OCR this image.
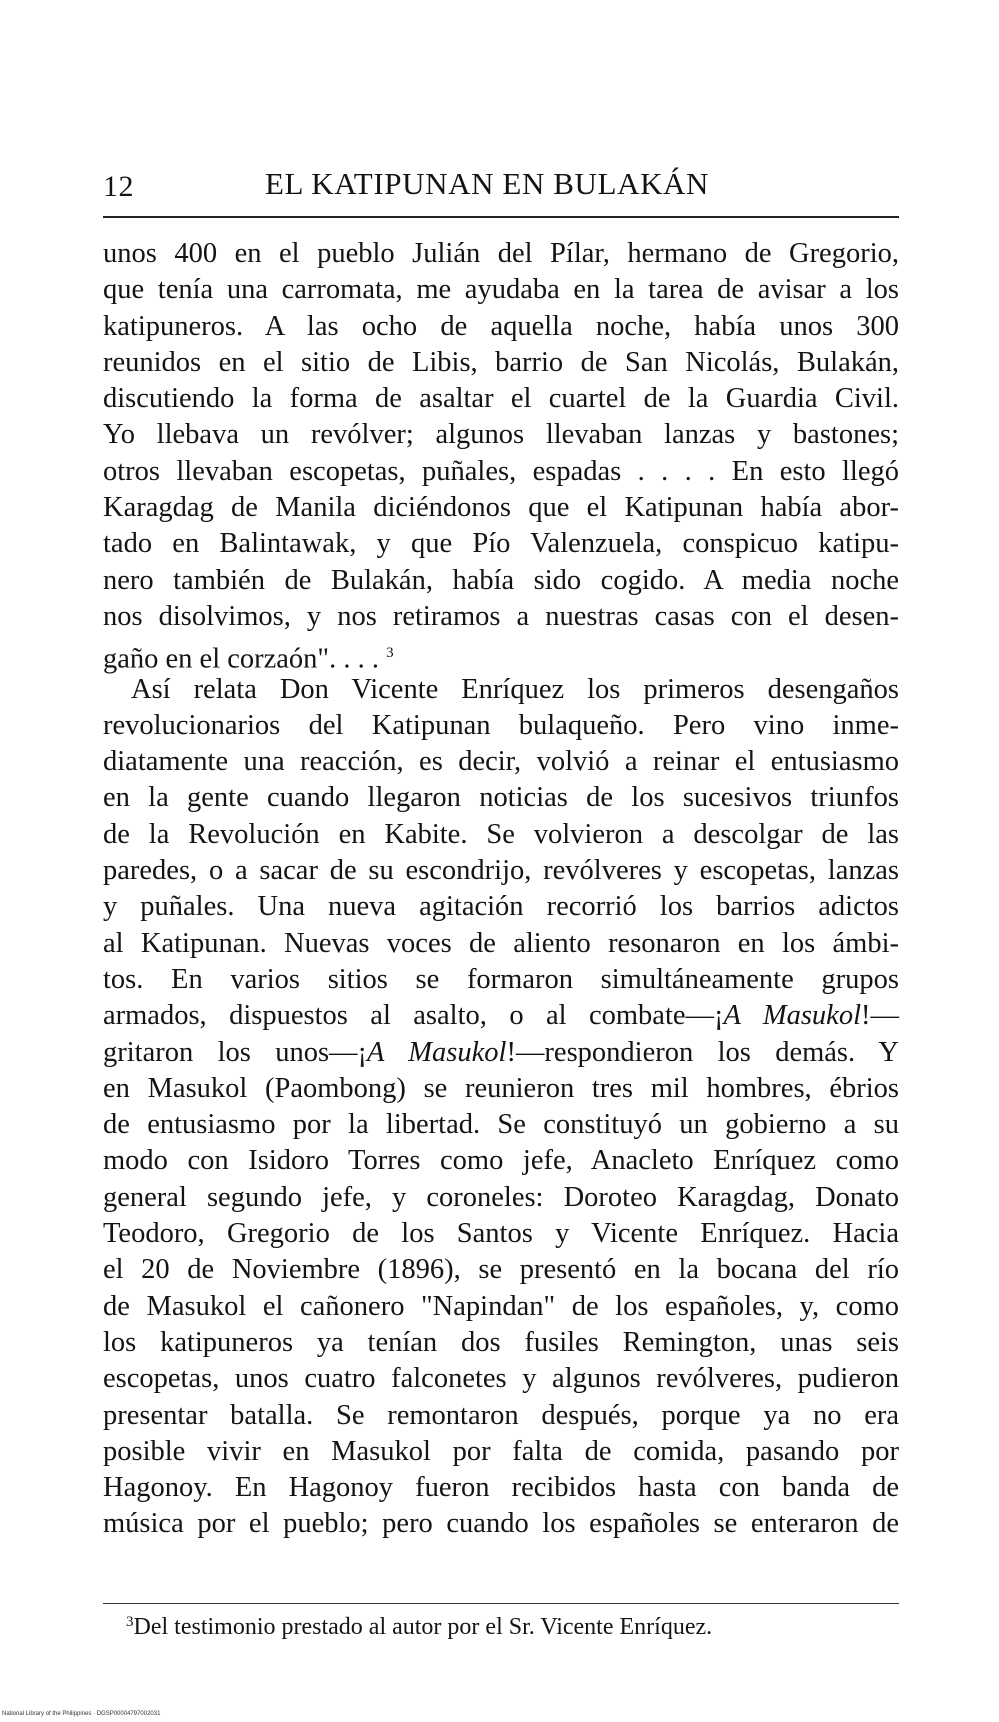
12	EL KATIPUNAN EN BULAKÁN

unos 400 en el pueblo Julián del Pílar, hermano de Gregorio,
que tenía una carromata, me ayudaba en la tarea de avisar a los
katipuneros. A las ocho de aquella noche, había unos 300
reunidos en el sitio de Libis, barrio de San Nicolás, Bulakán,
discutiendo la forma de asaltar el cuartel de la Guardia Civil.
Yo llebava un revólver; algunos llevaban lanzas y bastones;
otros llevaban escopetas, puñales, espadas . . . . En esto llegó
Karagdag de Manila diciéndonos que el Katipunan había abor-
tado en Balintawak, y que Pío Valenzuela, conspicuo katipu-
nero también de Bulakán, había sido cogido. A media noche
nos disolvimos, y nos retiramos a nuestras casas con el desen-
gaño en el corzaón". . . . $^3$

Así relata Don Vicente Enríquez los primeros desengaños
revolucionarios del Katipunan bulaqueño. Pero vino inme-
diatamente una reacción, es decir, volvió a reinar el entusiasmo
en la gente cuando llegaron noticias de los sucesivos triunfos
de la Revolución en Kabite. Se volvieron a descolgar de las
paredes, o a sacar de su escondrijo, revólveres y escopetas, lanzas
y puñales. Una nueva agitación recorrió los barrios adictos
al Katipunan. Nuevas voces de aliento resonaron en los ámbi-
tos. En varios sitios se formaron simultáneamente grupos
armados, dispuestos al asalto, o al combate—¡A Masukol!—
gritaron los unos—¡A Masukol!—respondieron los demás. Y
en Masukol (Paombong) se reunieron tres mil hombres, ébrios
de entusiasmo por la libertad. Se constituyó un gobierno a su
modo con Isidoro Torres como jefe, Anacleto Enríquez como
general segundo jefe, y coroneles: Doroteo Karagdag, Donato
Teodoro, Gregorio de los Santos y Vicente Enríquez. Hacia
el 20 de Noviembre (1896), se presentó en la bocana del río
de Masukol el cañonero "Napindan" de los españoles, y, como
los katipuneros ya tenían dos fusiles Remington, unas seis
escopetas, unos cuatro falconetes y algunos revólveres, pudieron
presentar batalla. Se remontaron después, porque ya no era
posible vivir en Masukol por falta de comida, pasando por
Hagonoy. En Hagonoy fueron recibidos hasta con banda de
música por el pueblo; pero cuando los españoles se enteraron de

$^3$Del testimonio prestado al autor por el Sr. Vicente Enríquez.
National Library of the Philippines · DGSP00004797002031
